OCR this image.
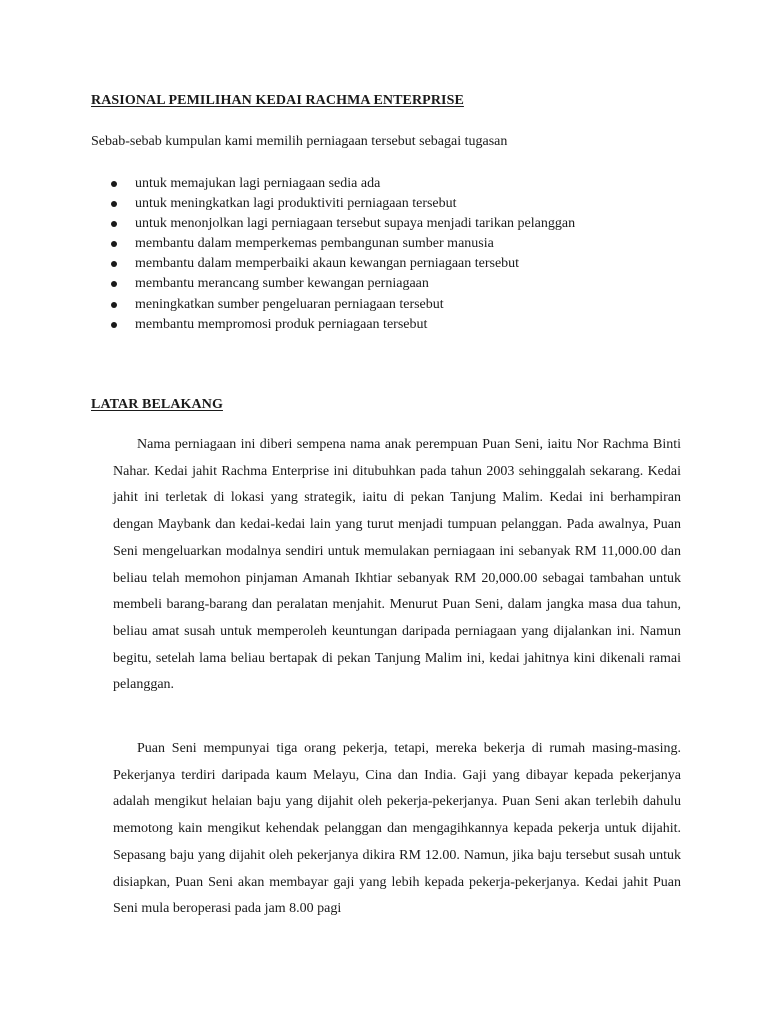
RASIONAL PEMILIHAN KEDAI RACHMA ENTERPRISE
Sebab-sebab kumpulan kami memilih perniagaan tersebut sebagai tugasan
untuk memajukan lagi perniagaan sedia ada
untuk meningkatkan lagi produktiviti perniagaan tersebut
untuk menonjolkan lagi perniagaan tersebut supaya menjadi tarikan pelanggan
membantu dalam memperkemas pembangunan sumber manusia
membantu dalam memperbaiki akaun kewangan perniagaan tersebut
membantu merancang sumber kewangan perniagaan
meningkatkan sumber pengeluaran perniagaan tersebut
membantu mempromosi produk perniagaan tersebut
LATAR BELAKANG

Nama perniagaan ini diberi sempena nama anak perempuan Puan Seni, iaitu Nor Rachma Binti Nahar. Kedai jahit Rachma Enterprise ini ditubuhkan pada tahun 2003 sehinggalah sekarang. Kedai jahit ini terletak di lokasi yang strategik, iaitu di pekan Tanjung Malim. Kedai ini berhampiran dengan Maybank dan kedai-kedai lain yang turut menjadi tumpuan pelanggan. Pada awalnya, Puan Seni mengeluarkan modalnya sendiri untuk memulakan perniagaan ini sebanyak RM 11,000.00 dan beliau telah memohon pinjaman Amanah Ikhtiar sebanyak RM 20,000.00 sebagai tambahan untuk membeli barang-barang dan peralatan menjahit. Menurut Puan Seni, dalam jangka masa dua tahun, beliau amat susah untuk memperoleh keuntungan daripada perniagaan yang dijalankan ini. Namun begitu, setelah lama beliau bertapak di pekan Tanjung Malim ini, kedai jahitnya kini dikenali ramai pelanggan.

Puan Seni mempunyai tiga orang pekerja, tetapi, mereka bekerja di rumah masing-masing. Pekerjanya terdiri daripada kaum Melayu, Cina dan India. Gaji yang dibayar kepada pekerjanya adalah mengikut helaian baju yang dijahit oleh pekerja-pekerjanya. Puan Seni akan terlebih dahulu memotong kain mengikut kehendak pelanggan dan mengagihkannya kepada pekerja untuk dijahit. Sepasang baju yang dijahit oleh pekerjanya dikira RM 12.00. Namun, jika baju tersebut susah untuk disiapkan, Puan Seni akan membayar gaji yang lebih kepada pekerja-pekerjanya. Kedai jahit Puan Seni mula beroperasi pada jam 8.00 pagi
